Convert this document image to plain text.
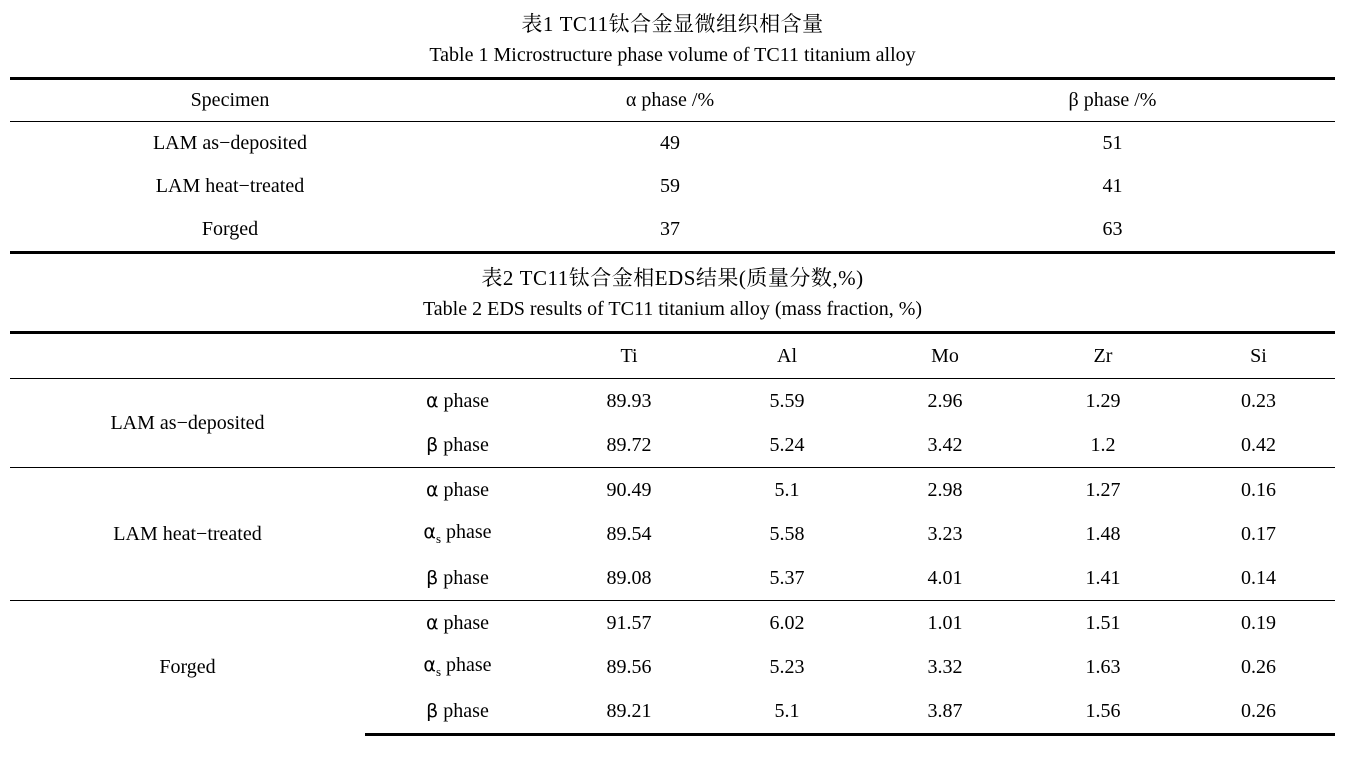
表1 TC11钛合金显微组织相含量
Table 1 Microstructure phase volume of TC11 titanium alloy
Specimen	α phase /%	β phase /%
LAM as−deposited	49	51
LAM heat−treated	59	41
Forged	37	63
表2 TC11钛合金相EDS结果(质量分数,%)
Table 2 EDS results of TC11 titanium alloy (mass fraction, %)
		Ti	Al	Mo	Zr	Si
LAM as−deposited	α phase	89.93	5.59	2.96	1.29	0.23
	β phase	89.72	5.24	3.42	1.2	0.42
LAM heat−treated	α phase	90.49	5.1	2.98	1.27	0.16
	$\alpha_s$ phase	89.54	5.58	3.23	1.48	0.17
	β phase	89.08	5.37	4.01	1.41	0.14
Forged	α phase	91.57	6.02	1.01	1.51	0.19
	$\alpha_s$ phase	89.56	5.23	3.32	1.63	0.26
	β phase	89.21	5.1	3.87	1.56	0.26
